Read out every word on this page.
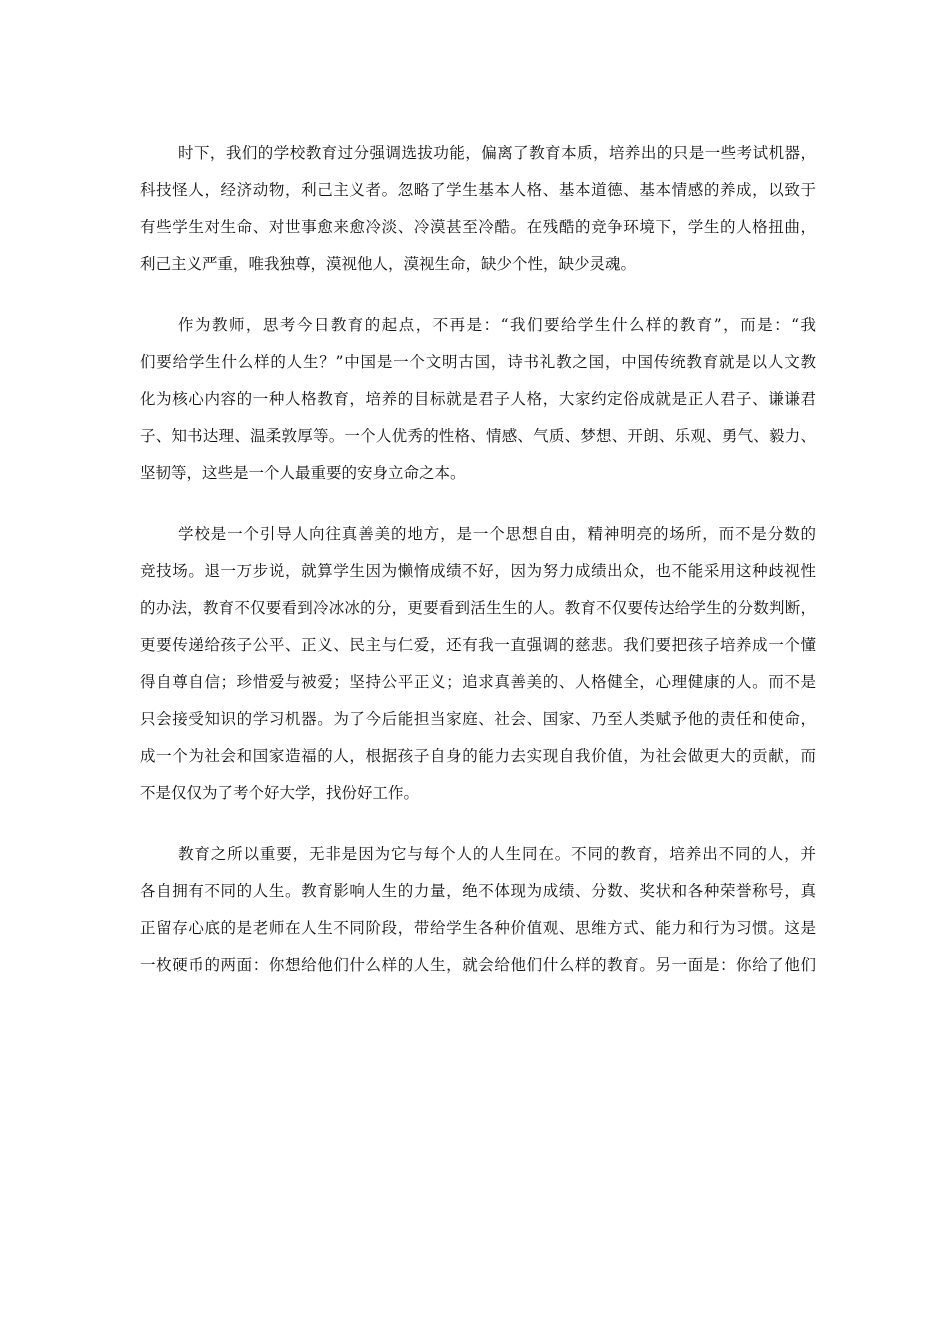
时下，我们的学校教育过分强调选拔功能，偏离了教育本质，培养出的只是一些考试机器，
科技怪人，经济动物，利己主义者。忽略了学生基本人格、基本道德、基本情感的养成，以致于
有些学生对生命、对世事愈来愈冷淡、冷漠甚至冷酷。在残酷的竞争环境下，学生的人格扭曲，
利己主义严重，唯我独尊，漠视他人，漠视生命，缺少个性，缺少灵魂。
作为教师，思考今日教育的起点，不再是：“我们要给学生什么样的教育”，而是：“我
们要给学生什么样的人生？”中国是一个文明古国，诗书礼教之国，中国传统教育就是以人文教
化为核心内容的一种人格教育，培养的目标就是君子人格，大家约定俗成就是正人君子、谦谦君
子、知书达理、温柔敦厚等。一个人优秀的性格、情感、气质、梦想、开朗、乐观、勇气、毅力、
坚韧等，这些是一个人最重要的安身立命之本。
学校是一个引导人向往真善美的地方，是一个思想自由，精神明亮的场所，而不是分数的
竞技场。退一万步说，就算学生因为懒惰成绩不好，因为努力成绩出众，也不能采用这种歧视性
的办法，教育不仅要看到冷冰冰的分，更要看到活生生的人。教育不仅要传达给学生的分数判断，
更要传递给孩子公平、正义、民主与仁爱，还有我一直强调的慈悲。我们要把孩子培养成一个懂
得自尊自信；珍惜爱与被爱；坚持公平正义；追求真善美的、人格健全，心理健康的人。而不是
只会接受知识的学习机器。为了今后能担当家庭、社会、国家、乃至人类赋予他的责任和使命，
成一个为社会和国家造福的人，根据孩子自身的能力去实现自我价值，为社会做更大的贡献，而
不是仅仅为了考个好大学，找份好工作。
教育之所以重要，无非是因为它与每个人的人生同在。不同的教育，培养出不同的人，并
各自拥有不同的人生。教育影响人生的力量，绝不体现为成绩、分数、奖状和各种荣誉称号，真
正留存心底的是老师在人生不同阶段，带给学生各种价值观、思维方式、能力和行为习惯。这是
一枚硬币的两面：你想给他们什么样的人生，就会给他们什么样的教育。另一面是：你给了他们
